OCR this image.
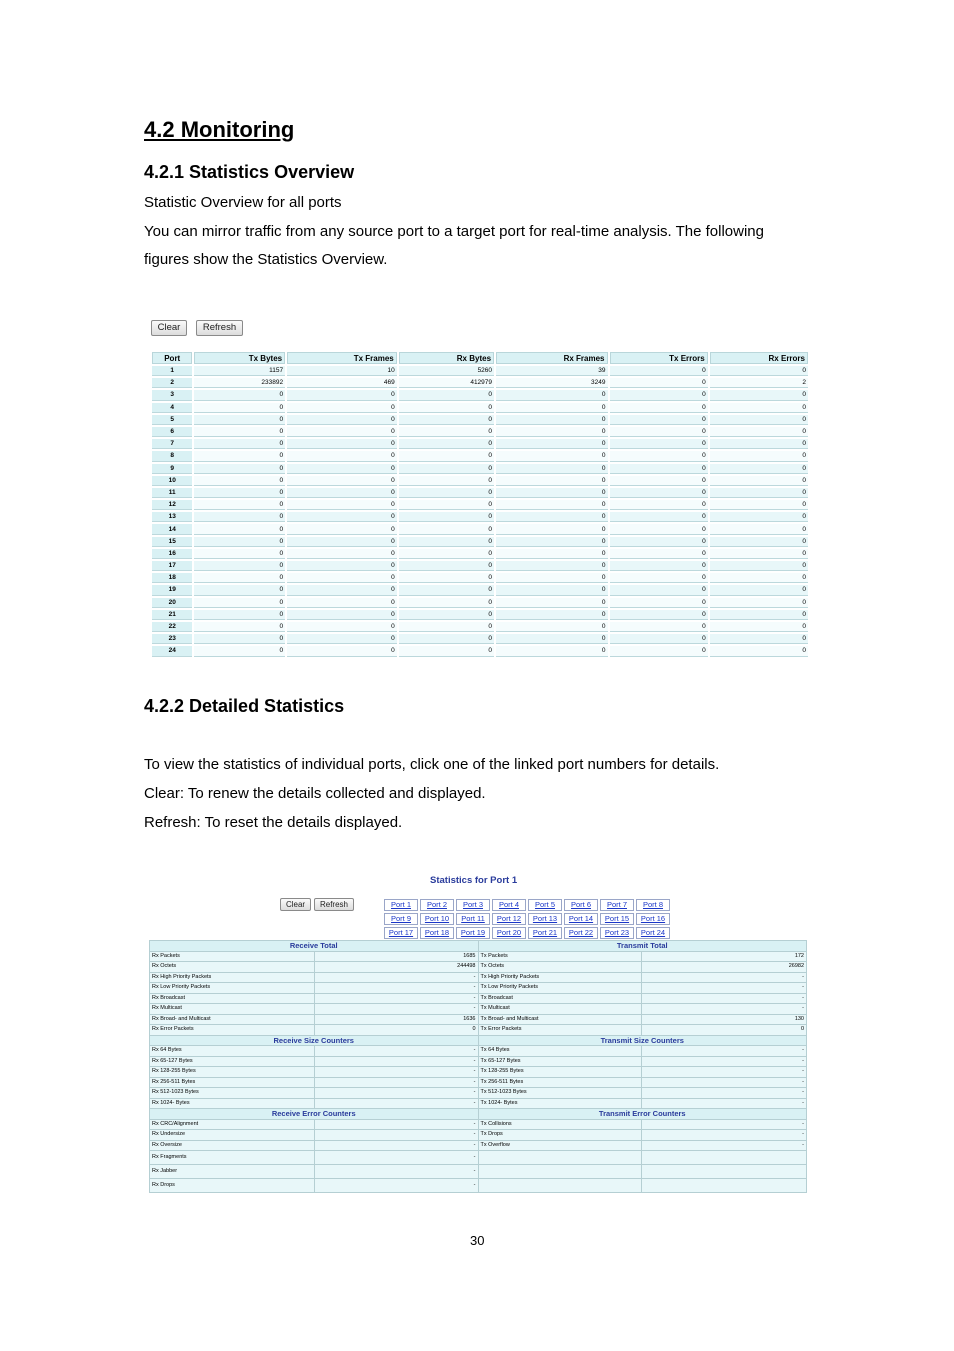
4.2 Monitoring
4.2.1 Statistics Overview
Statistic Overview for all ports
You can mirror traffic from any source port to a target port for real-time analysis. The following
figures show the Statistics Overview.
Clear	Refresh
Port	Tx Bytes	Tx Frames	Rx Bytes	Rx Frames	Tx Errors	Rx Errors
1	1157	10	5260	39	0	0
2	233892	469	412979	3249	0	2
3	0	0	0	0	0	0
4	0	0	0	0	0	0
5	0	0	0	0	0	0
6	0	0	0	0	0	0
7	0	0	0	0	0	0
8	0	0	0	0	0	0
9	0	0	0	0	0	0
10	0	0	0	0	0	0
11	0	0	0	0	0	0
12	0	0	0	0	0	0
13	0	0	0	0	0	0
14	0	0	0	0	0	0
15	0	0	0	0	0	0
16	0	0	0	0	0	0
17	0	0	0	0	0	0
18	0	0	0	0	0	0
19	0	0	0	0	0	0
20	0	0	0	0	0	0
21	0	0	0	0	0	0
22	0	0	0	0	0	0
23	0	0	0	0	0	0
24	0	0	0	0	0	0
4.2.2 Detailed Statistics
To view the statistics of individual ports, click one of the linked port numbers for details.
Clear: To renew the details collected and displayed.
Refresh: To reset the details displayed.
Statistics for Port 1
Clear	Refresh	Port 1	Port 2	Port 3	Port 4	Port 5	Port 6	Port 7	Port 8
Port 9	Port 10	Port 11	Port 12	Port 13	Port 14	Port 15	Port 16
Port 17	Port 18	Port 19	Port 20	Port 21	Port 22	Port 23	Port 24
Receive Total		Transmit Total	
Rx Packets	1685	Tx Packets	172
Rx Octets	244498	Tx Octets	26982
Rx High Priority Packets	-	Tx High Priority Packets	-
Rx Low Priority Packets	-	Tx Low Priority Packets	-
Rx Broadcast	-	Tx Broadcast	-
Rx Multicast	-	Tx Multicast	-
Rx Broad- and Multicast	1636	Tx Broad- and Multicast	130
Rx Error Packets	0	Tx Error Packets	0
Receive Size Counters		Transmit Size Counters	
Rx 64 Bytes	-	Tx 64 Bytes	-
Rx 65-127 Bytes	-	Tx 65-127 Bytes	-
Rx 128-255 Bytes	-	Tx 128-255 Bytes	-
Rx 256-511 Bytes	-	Tx 256-511 Bytes	-
Rx 512-1023 Bytes	-	Tx 512-1023 Bytes	-
Rx 1024- Bytes	-	Tx 1024- Bytes	-
Receive Error Counters		Transmit Error Counters	
Rx CRC/Alignment	-	Tx Collisions	-
Rx Undersize	-	Tx Drops	-
Rx Oversize	-	Tx Overflow	-
Rx Fragments	-		
Rx Jabber	-		
Rx Drops	-		
30
